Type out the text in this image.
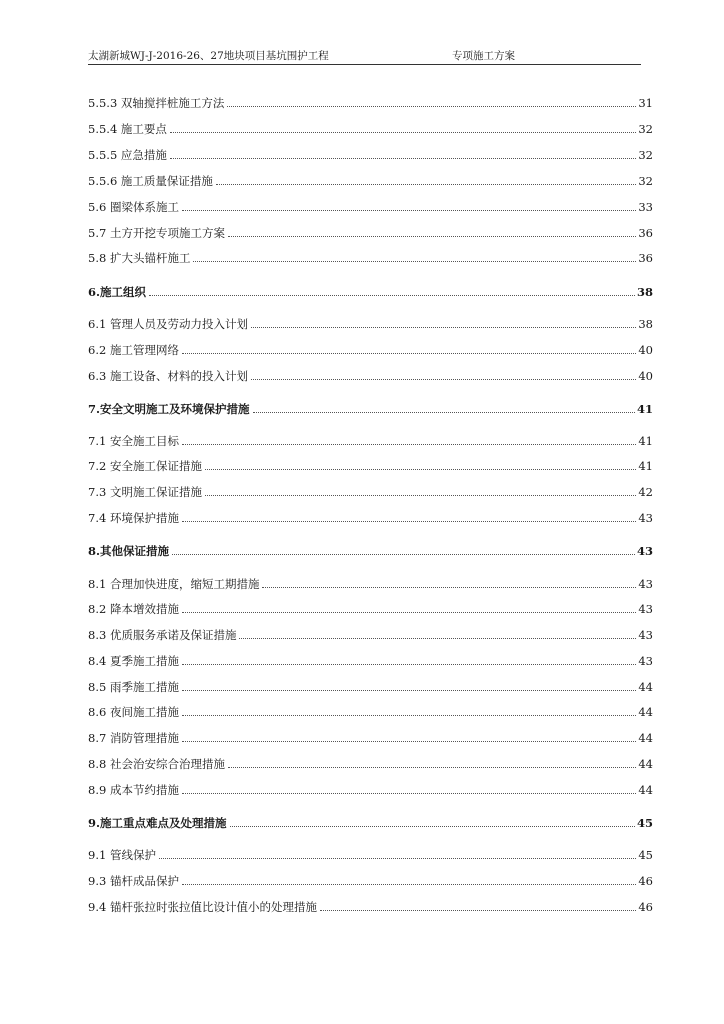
太湖新城WJ-J-2016-26、27地块项目基坑围护工程	专项施工方案
5.5.3 双轴搅拌桩施工方法	31
5.5.4 施工要点	32
5.5.5 应急措施	32
5.5.6 施工质量保证措施	32
5.6 圈梁体系施工	33
5.7 土方开挖专项施工方案	36
5.8 扩大头锚杆施工	36
6.施工组织	38
6.1 管理人员及劳动力投入计划	38
6.2 施工管理网络	40
6.3 施工设备、材料的投入计划	40
7.安全文明施工及环境保护措施	41
7.1 安全施工目标	41
7.2 安全施工保证措施	41
7.3 文明施工保证措施	42
7.4 环境保护措施	43
8.其他保证措施	43
8.1 合理加快进度，缩短工期措施	43
8.2 降本增效措施	43
8.3 优质服务承诺及保证措施	43
8.4 夏季施工措施	43
8.5 雨季施工措施	44
8.6 夜间施工措施	44
8.7 消防管理措施	44
8.8 社会治安综合治理措施	44
8.9 成本节约措施	44
9.施工重点难点及处理措施	45
9.1 管线保护	45
9.3 锚杆成品保护	46
9.4 锚杆张拉时张拉值比设计值小的处理措施	46
